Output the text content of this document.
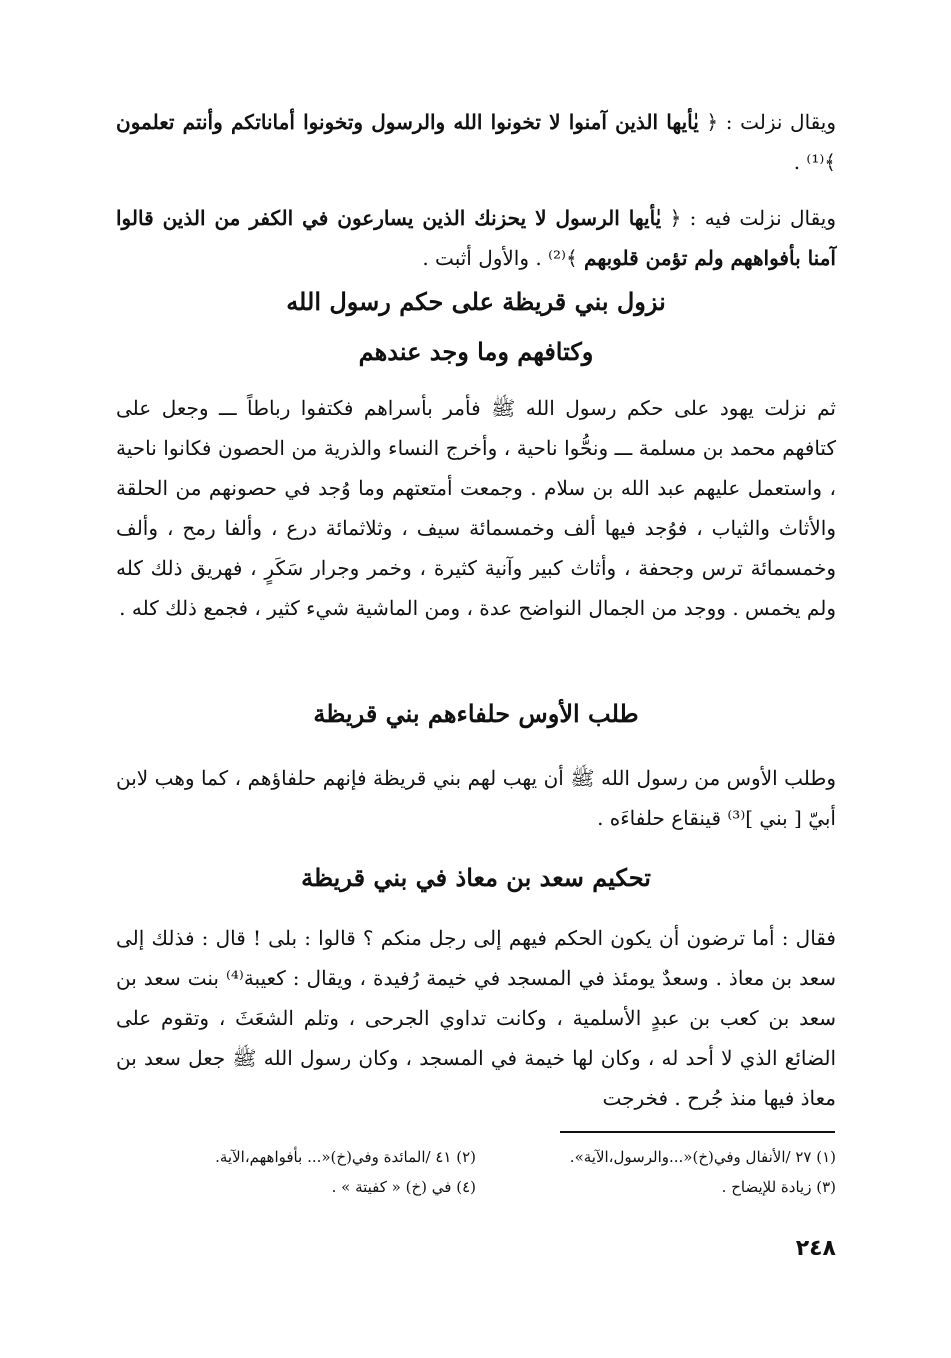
ويقال نزلت : ﴿ يٰأيها الذين آمنوا لا تخونوا الله والرسول وتخونوا أماناتكم وأنتم تعلمون ﴾⁽¹⁾ .

ويقال نزلت فيه : ﴿ يٰأيها الرسول لا يحزنك الذين يسارعون في الكفر من الذين قالوا آمنا بأفواههم ولم تؤمن قلوبهم ﴾⁽²⁾ . والأول أثبت .

نزول بني قريظة على حكم رسول الله
وكتافهم وما وجد عندهم

ثم نزلت يهود على حكم رسول الله ﷺ فأمر بأسراهم فكتفوا رباطاً ـــ وجعل على كتافهم محمد بن مسلمة ـــ ونحُّوا ناحية ، وأخرج النساء والذرية من الحصون فكانوا ناحية ، واستعمل عليهم عبد الله بن سلام . وجمعت أمتعتهم وما وُجد في حصونهم من الحلقة والأثاث والثياب ، فوُجد فيها ألف وخمسمائة سيف ، وثلاثمائة درع ، وألفا رمح ، وألف وخمسمائة ترس وجحفة ، وأثاث كبير وآنية كثيرة ، وخمر وجرار سَكَرٍ ، فهريق ذلك كله ولم يخمس . ووجد من الجمال النواضح عدة ، ومن الماشية شيء كثير ، فجمع ذلك كله .

طلب الأوس حلفاءهم بني قريظة

وطلب الأوس من رسول الله ﷺ أن يهب لهم بني قريظة فإنهم حلفاؤهم ، كما وهب لابن أبيّ [ بني ]⁽³⁾ قينقاع حلفاءَه .

تحكيم سعد بن معاذ في بني قريظة

فقال : أما ترضون أن يكون الحكم فيهم إلى رجل منكم ؟ قالوا : بلى ! قال : فذلك إلى سعد بن معاذ . وسعدٌ يومئذ في المسجد في خيمة رُفيدة ، ويقال : كعيبة⁽⁴⁾ بنت سعد بن سعد بن كعب بن عبدٍ الأسلمية ، وكانت تداوي الجرحى ، وتلم الشعَثَ ، وتقوم على الضائع الذي لا أحد له ، وكان لها خيمة في المسجد ، وكان رسول الله ﷺ جعل سعد بن معاذ فيها منذ جُرح . فخرجت

(١) ٢٧ /الأنفال وفي(خ)«...والرسول،الآية».
(٢) ٤١ /المائدة وفي(خ)«... بأفواههم،الآية.
(٣) زيادة للإيضاح .
(٤) في (خ) « كفيتة » .
٢٤٨
